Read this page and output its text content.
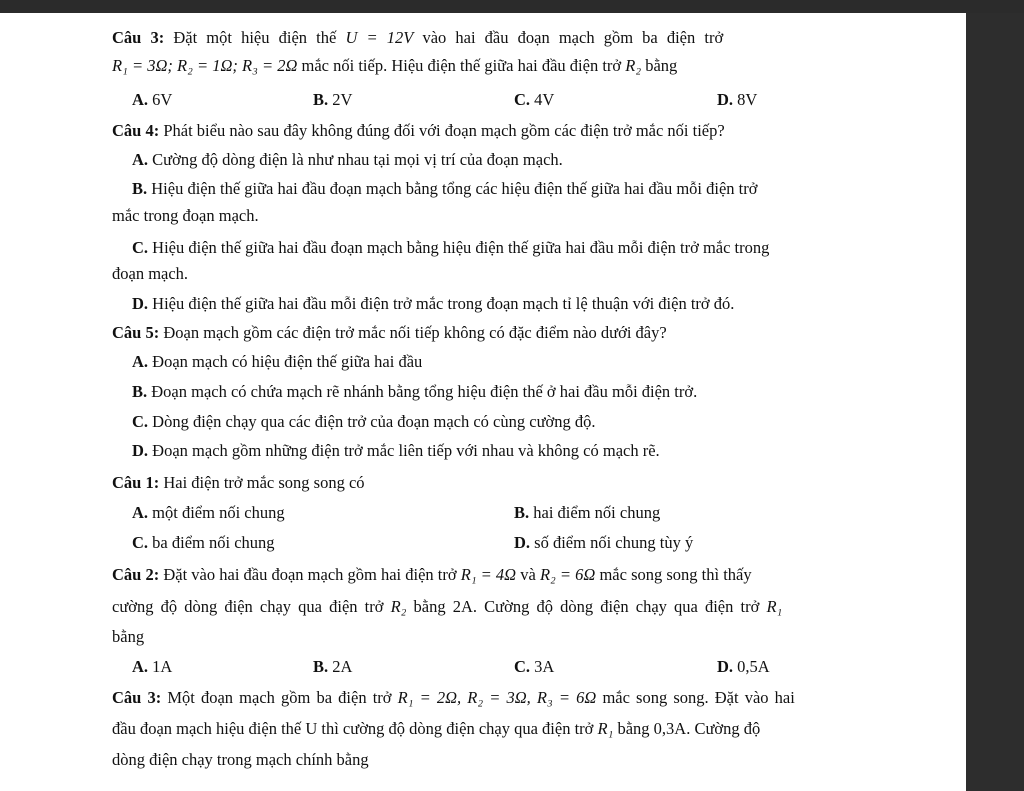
Câu 3: Đặt một hiệu điện thế U = 12V vào hai đầu đoạn mạch gồm ba điện trở
R₁ = 3Ω; R₂ = 1Ω; R₃ = 2Ω mắc nối tiếp. Hiệu điện thế giữa hai đầu điện trở R₂ bằng
A. 6V	B. 2V	C. 4V	D. 8V
Câu 4: Phát biểu nào sau đây không đúng đối với đoạn mạch gồm các điện trở mắc nối tiếp?
A. Cường độ dòng điện là như nhau tại mọi vị trí của đoạn mạch.
B. Hiệu điện thế giữa hai đầu đoạn mạch bằng tổng các hiệu điện thế giữa hai đầu mỗi điện trở
mắc trong đoạn mạch.
C. Hiệu điện thế giữa hai đầu đoạn mạch bằng hiệu điện thế giữa hai đầu mỗi điện trở mắc trong
đoạn mạch.
D. Hiệu điện thế giữa hai đầu mỗi điện trở mắc trong đoạn mạch tỉ lệ thuận với điện trở đó.
Câu 5: Đoạn mạch gồm các điện trở mắc nối tiếp không có đặc điểm nào dưới đây?
A. Đoạn mạch có hiệu điện thế giữa hai đầu
B. Đoạn mạch có chứa mạch rẽ nhánh bằng tổng hiệu điện thế ở hai đầu mỗi điện trở.
C. Dòng điện chạy qua các điện trở của đoạn mạch có cùng cường độ.
D. Đoạn mạch gồm những điện trở mắc liên tiếp với nhau và không có mạch rẽ.
Câu 1: Hai điện trở mắc song song có
A. một điểm nối chung	B. hai điểm nối chung
C. ba điểm nối chung	D. số điểm nối chung tùy ý
Câu 2: Đặt vào hai đầu đoạn mạch gồm hai điện trở R₁ = 4Ω và R₂ = 6Ω mắc song song thì thấy
cường độ dòng điện chạy qua điện trở R₂ bằng 2A. Cường độ dòng điện chạy qua điện trở R₁
bằng
A. 1A	B. 2A	C. 3A	D. 0,5A
Câu 3: Một đoạn mạch gồm ba điện trở R₁ = 2Ω, R₂ = 3Ω, R₃ = 6Ω mắc song song. Đặt vào hai
đầu đoạn mạch hiệu điện thế U thì cường độ dòng điện chạy qua điện trở R₁ bằng 0,3A. Cường độ
dòng điện chạy trong mạch chính bằng
